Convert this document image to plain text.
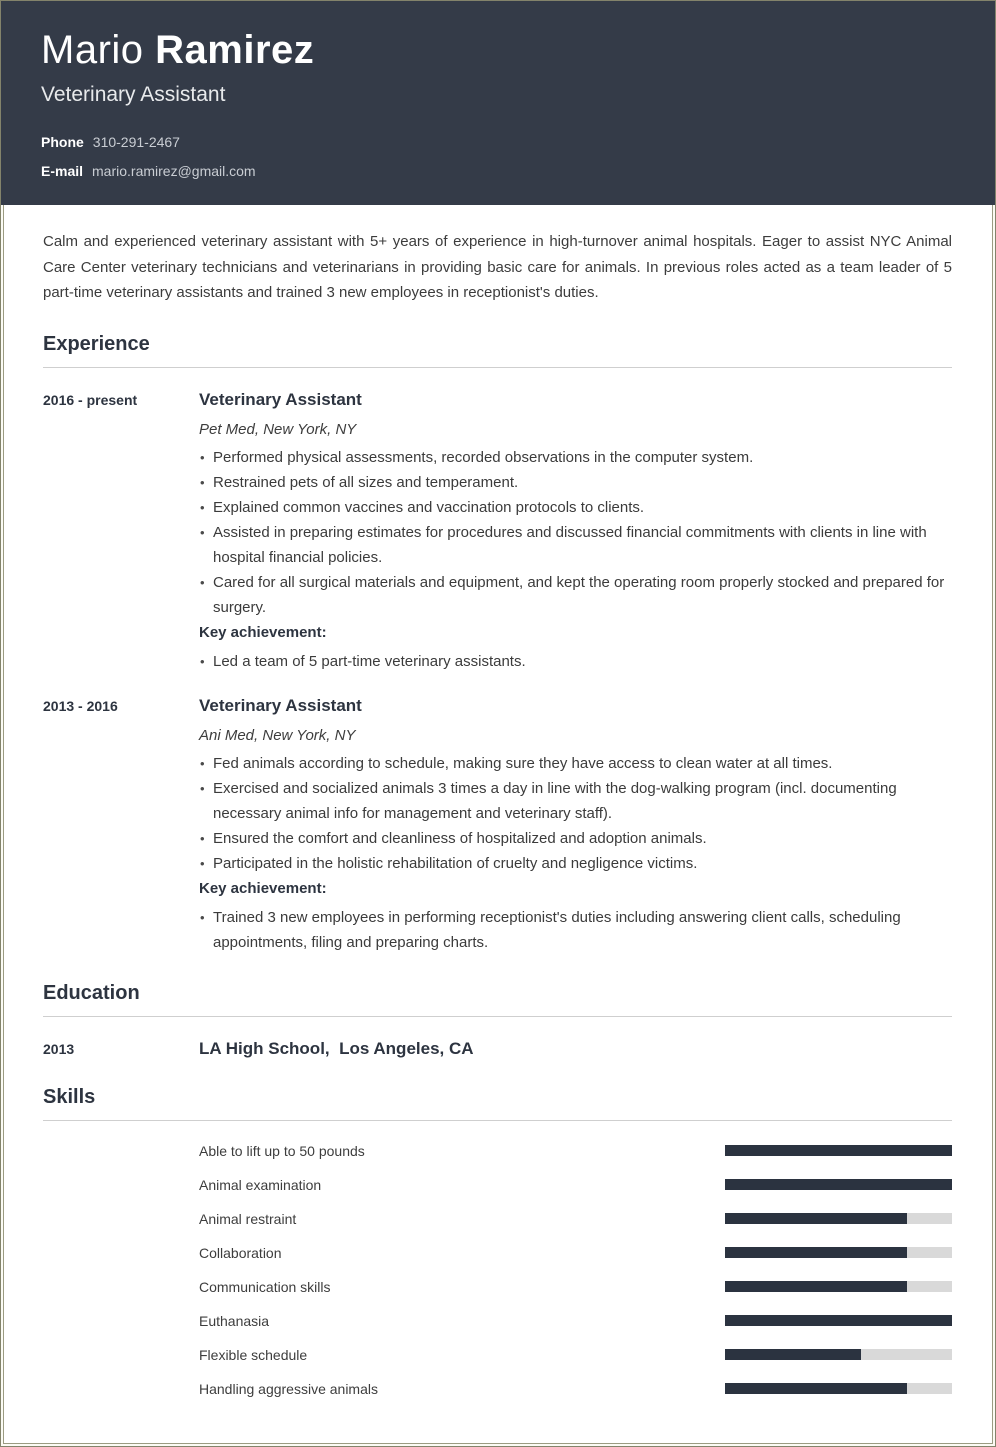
Mario Ramirez
Veterinary Assistant
Phone 310-291-2467
E-mail mario.ramirez@gmail.com

Calm and experienced veterinary assistant with 5+ years of experience in high-turnover animal hospitals. Eager to assist NYC Animal Care Center veterinary technicians and veterinarians in providing basic care for animals. In previous roles acted as a team leader of 5 part-time veterinary assistants and trained 3 new employees in receptionist's duties.

Experience
2016 - present	Veterinary Assistant
Pet Med, New York, NY
• Performed physical assessments, recorded observations in the computer system.
• Restrained pets of all sizes and temperament.
• Explained common vaccines and vaccination protocols to clients.
• Assisted in preparing estimates for procedures and discussed financial commitments with clients in line with hospital financial policies.
• Cared for all surgical materials and equipment, and kept the operating room properly stocked and prepared for surgery.
Key achievement:
• Led a team of 5 part-time veterinary assistants.
2013 - 2016	Veterinary Assistant
Ani Med, New York, NY
• Fed animals according to schedule, making sure they have access to clean water at all times.
• Exercised and socialized animals 3 times a day in line with the dog-walking program (incl. documenting necessary animal info for management and veterinary staff).
• Ensured the comfort and cleanliness of hospitalized and adoption animals.
• Participated in the holistic rehabilitation of cruelty and negligence victims.
Key achievement:
• Trained 3 new employees in performing receptionist's duties including answering client calls, scheduling appointments, filing and preparing charts.
Education
2013	LA High School,  Los Angeles, CA
Skills
Able to lift up to 50 pounds
Animal examination
Animal restraint
Collaboration
Communication skills
Euthanasia
Flexible schedule
Handling aggressive animals
